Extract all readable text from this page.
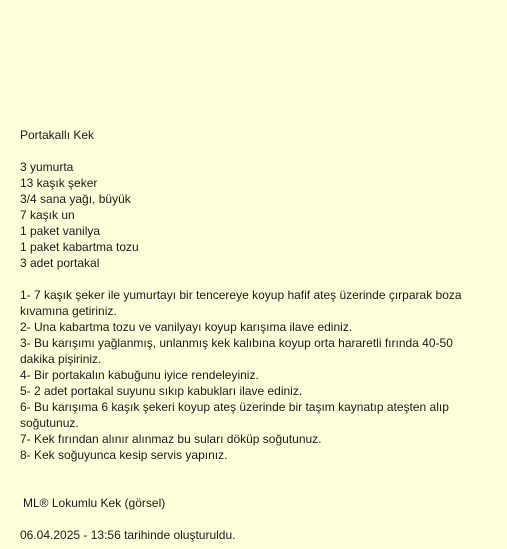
Portakallı Kek
3 yumurta
13 kaşık şeker
3/4 sana yağı, büyük
7 kaşık un
1 paket vanilya
1 paket kabartma tozu
3 adet portakal
1- 7 kaşık şeker ile yumurtayı bir tencereye koyup hafif ateş üzerinde çırparak boza kıvamına getiriniz.
2- Una kabartma tozu ve vanilyayı koyup karışıma ilave ediniz.
3- Bu karışımı yağlanmış, unlanmış kek kalıbına koyup orta hararetli fırında 40-50 dakika pişiriniz.
4- Bir portakalın kabuğunu iyice rendeleyiniz.
5- 2 adet portakal suyunu sıkıp kabukları ilave ediniz.
6- Bu karışıma 6 kaşık şekeri koyup ateş üzerinde bir taşım kaynatıp ateşten alıp soğutunuz.
7- Kek fırından alınır alınmaz bu suları döküp soğutunuz.
8- Kek soğuyunca kesip servis yapınız.
ML® Lokumlu Kek (görsel)
06.04.2025 - 13:56 tarihinde oluşturuldu.
